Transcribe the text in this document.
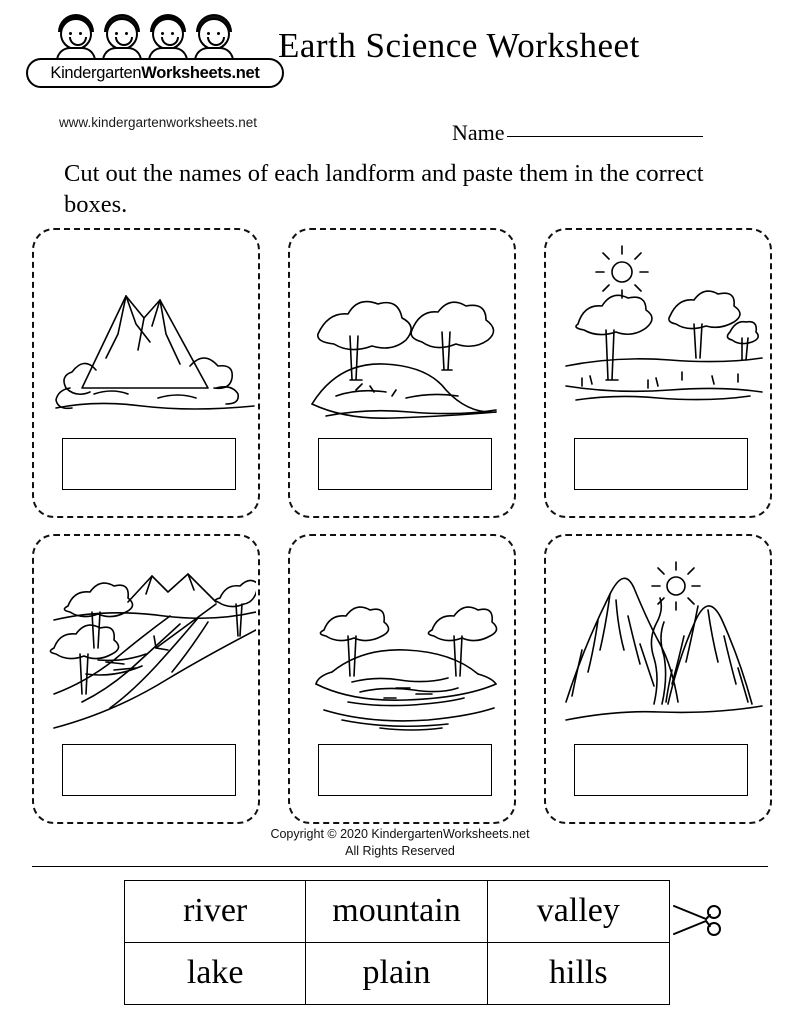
Kindergarten Worksheets.net
www.kindergartenworksheets.net
Earth Science Worksheet
Name
Cut out the names of each landform and paste them in the correct boxes.
Copyright © 2020 KindergartenWorksheets.net
All Rights Reserved
river	mountain	valley
lake	plain	hills
